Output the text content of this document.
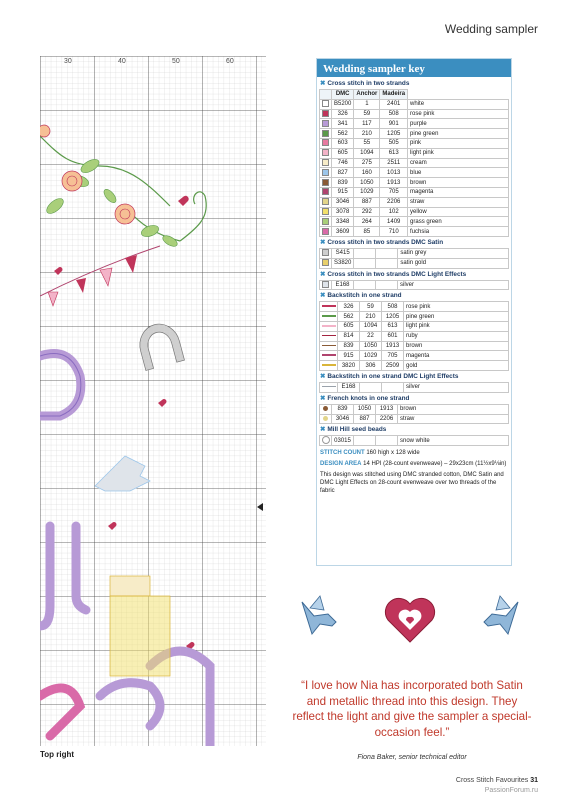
Wedding sampler
Top right
Wedding sampler key
✖ Cross stitch in two strands
	DMC	Anchor	Madeira	
	B5200	1	2401	white
	326	59	508	rose pink
	341	117	901	purple
	562	210	1205	pine green
	603	55	505	pink
	605	1094	613	light pink
	746	275	2511	cream
	827	160	1013	blue
	839	1050	1913	brown
	915	1029	705	magenta
	3046	887	2206	straw
	3078	292	102	yellow
	3348	264	1409	grass green
	3609	85	710	fuchsia
✖ Cross stitch in two strands DMC Satin
	S415			satin grey
	S3820			satin gold
✖ Cross stitch in two strands DMC Light Effects
	E168			silver
✖ Backstitch in one strand
	326	59	508	rose pink
	562	210	1205	pine green
	605	1094	613	light pink
	814	22	601	ruby
	839	1050	1913	brown
	915	1029	705	magenta
	3820	306	2509	gold
✖ Backstitch in one strand DMC Light Effects
	E168			silver
✖ French knots in one strand
	839	1050	1913	brown
	3046	887	2206	straw
✖ Mill Hill seed beads
	03015			snow white

STITCH COUNT 160 high x 128 wide

DESIGN AREA 14 HPI (28-count evenweave) – 29x23cm (11½x9⅛in)

This design was stitched using DMC stranded cotton, DMC Satin and DMC Light Effects on 28-count evenweave over two threads of the fabric

“I love how Nia has incorporated both Satin and metallic thread into this design. They reflect the light and give the sampler a special-occasion feel.”
Fiona Baker, senior technical editor
Cross Stitch Favourites 31
PassionForum.ru
